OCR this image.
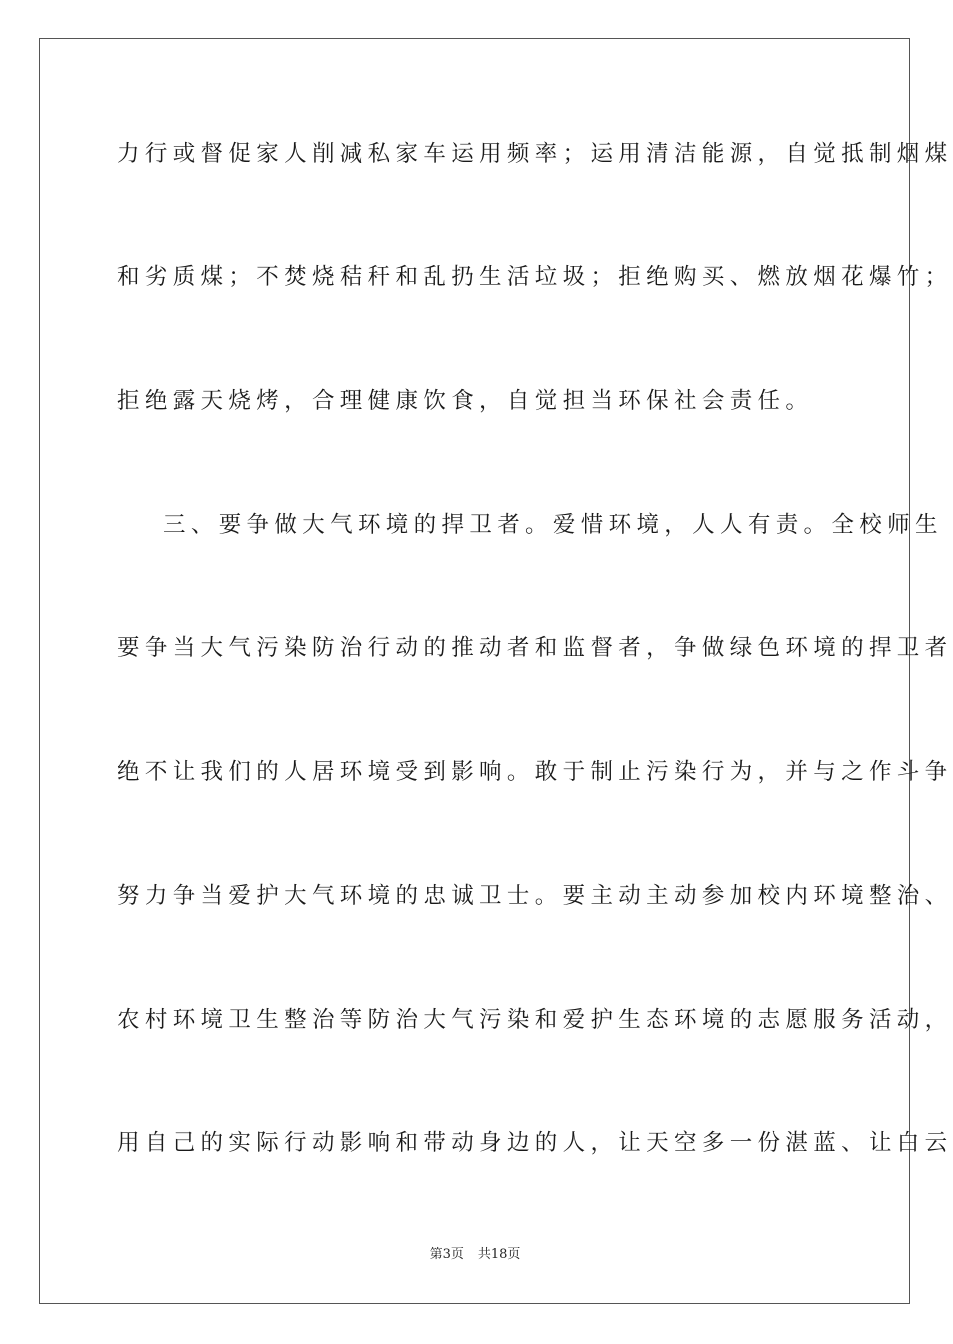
力行或督促家人削减私家车运用频率；运用清洁能源，自觉抵制烟煤
和劣质煤；不焚烧秸秆和乱扔生活垃圾；拒绝购买、燃放烟花爆竹；
拒绝露天烧烤，合理健康饮食，自觉担当环保社会责任。
三、要争做大气环境的捍卫者。爱惜环境，人人有责。全校师生
要争当大气污染防治行动的推动者和监督者，争做绿色环境的捍卫者
绝不让我们的人居环境受到影响。敢于制止污染行为，并与之作斗争
努力争当爱护大气环境的忠诚卫士。要主动主动参加校内环境整治、
农村环境卫生整治等防治大气污染和爱护生态环境的志愿服务活动，
用自己的实际行动影响和带动身边的人，让天空多一份湛蓝、让白云
第3页 共18页
